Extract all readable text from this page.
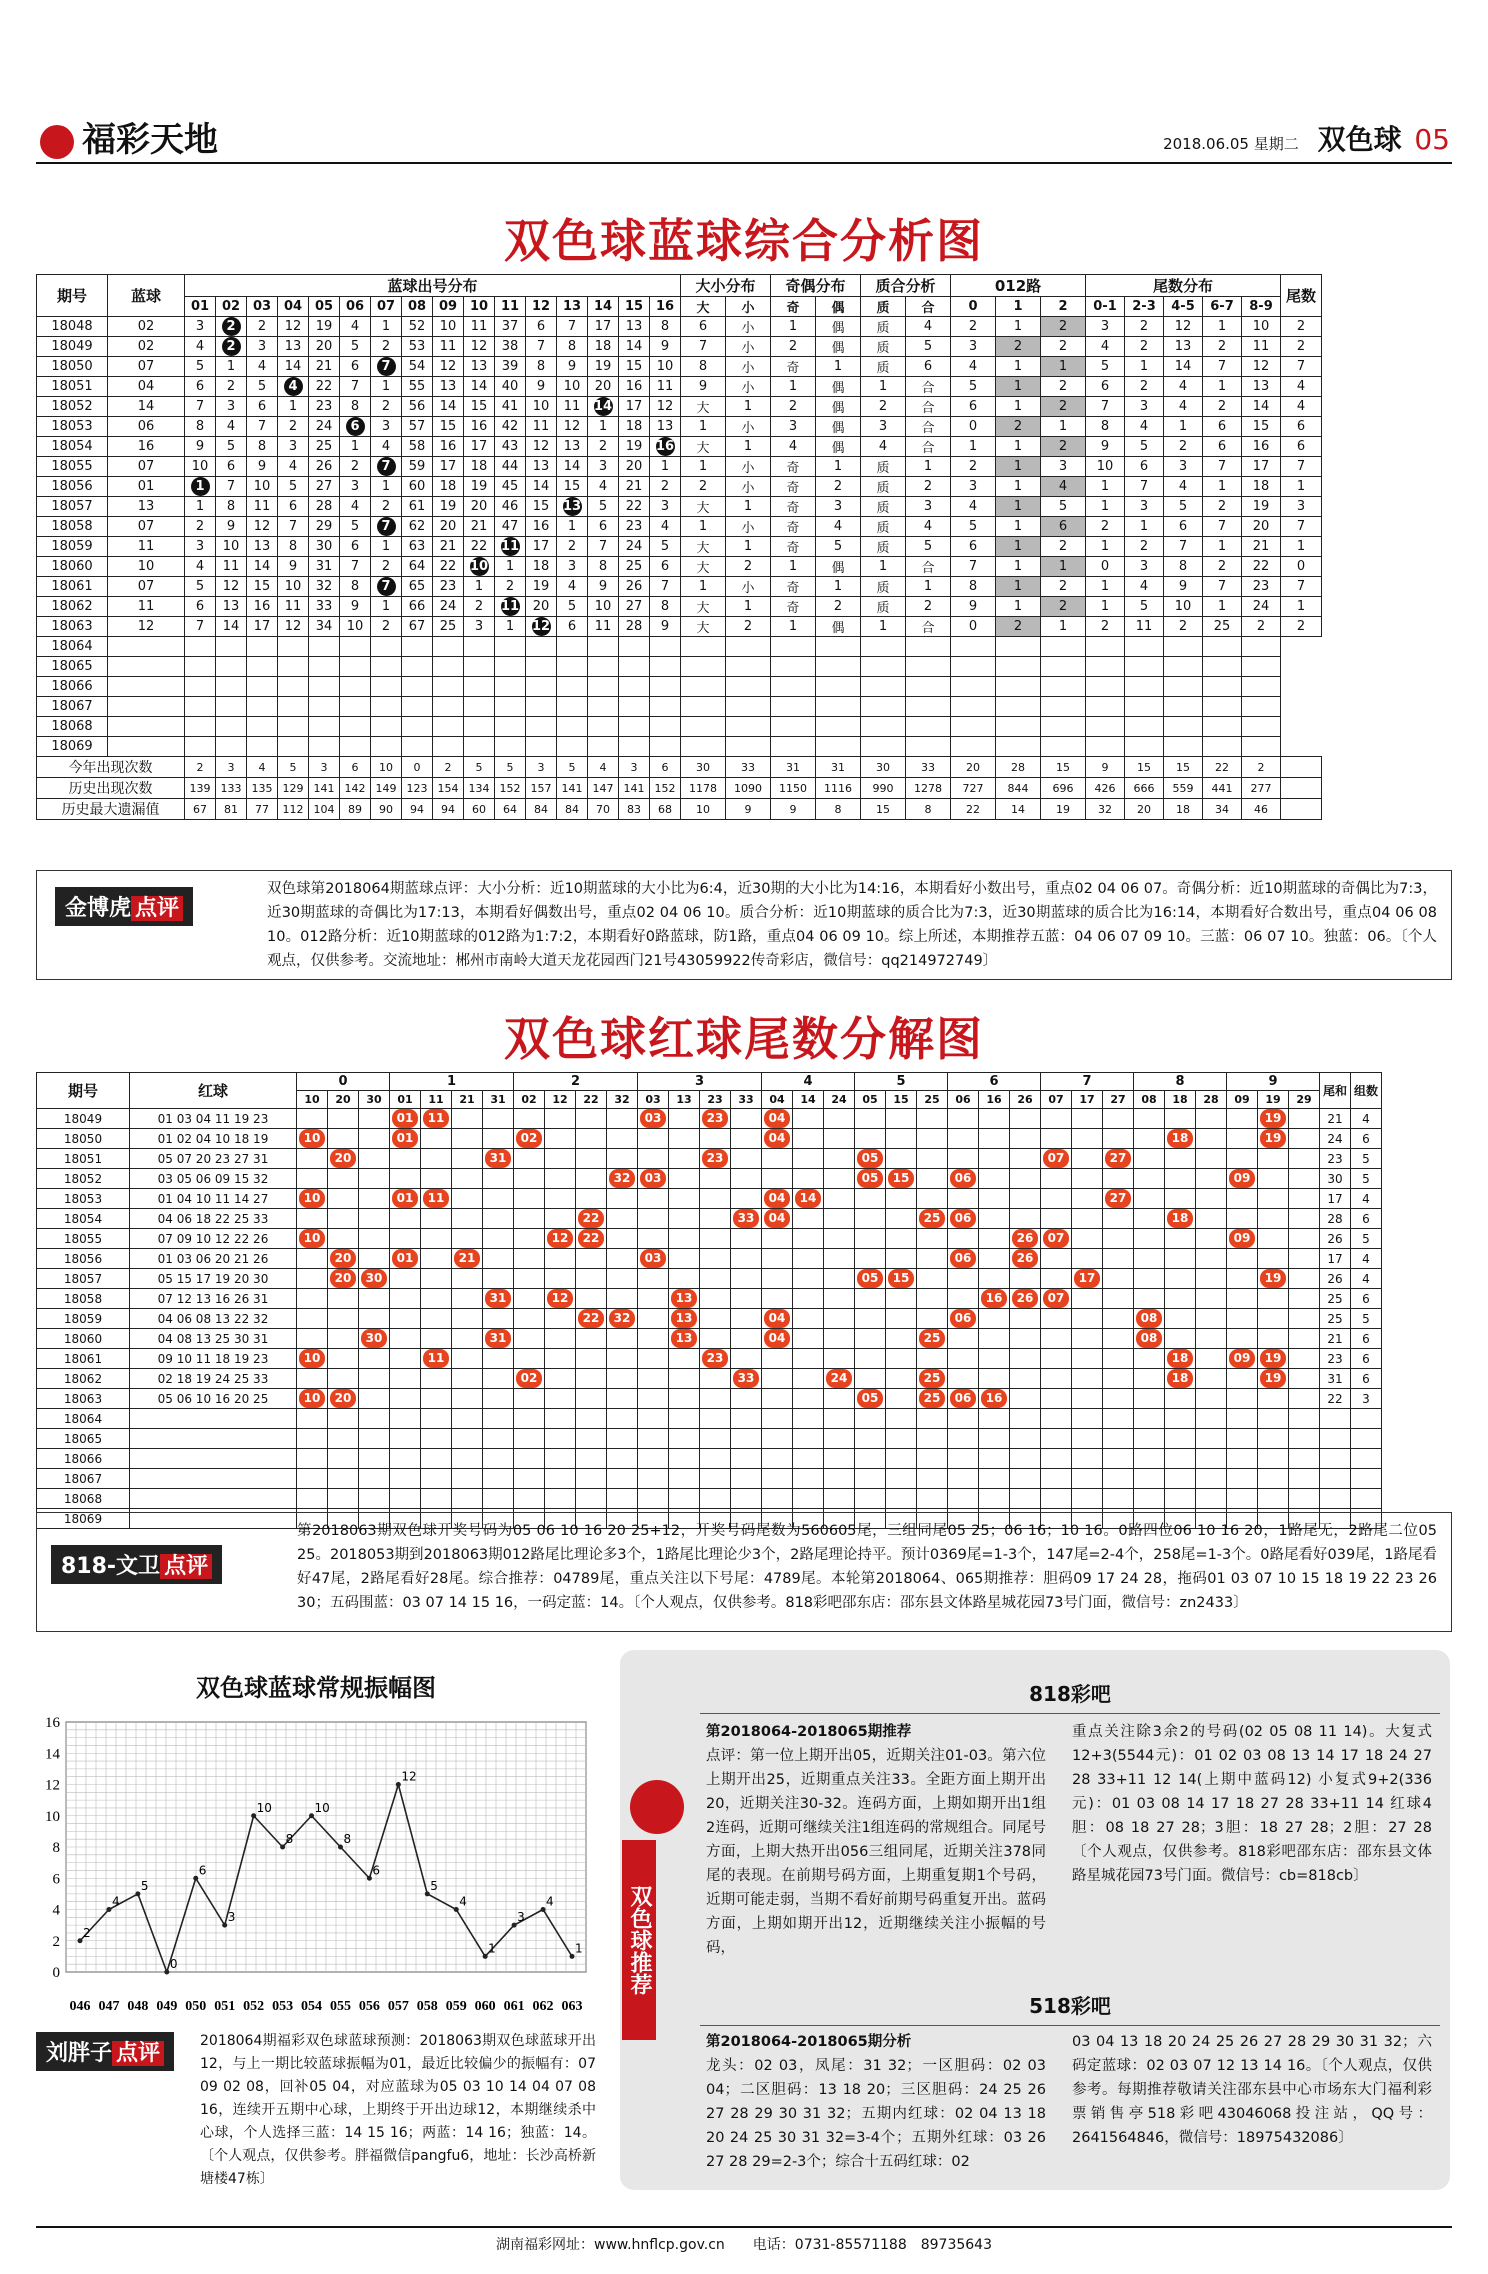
福彩天地	2018.06.05 星期二 双色球 05
双色球蓝球综合分析图
期号	蓝球	蓝球出号分布																大小分布		奇偶分布		质合分析		012路			尾数分布					尾数
		01	02	03	04	05	06	07	08	09	10	11	12	13	14	15	16	大	小	奇	偶	质	合	0	1	2	0-1	2-3	4-5	6-7	8-9	
18048	02	3	2	2	12	19	4	1	52	10	11	37	6	7	17	13	8	6	小	1	偶	质	4	2	1	2	3	2	12	1	10	2
18049	02	4	2	3	13	20	5	2	53	11	12	38	7	8	18	14	9	7	小	2	偶	质	5	3	2	2	4	2	13	2	11	2
18050	07	5	1	4	14	21	6	7	54	12	13	39	8	9	19	15	10	8	小	奇	1	质	6	4	1	1	5	1	14	7	12	7
18051	04	6	2	5	4	22	7	1	55	13	14	40	9	10	20	16	11	9	小	1	偶	1	合	5	1	2	6	2	4	1	13	4
18052	14	7	3	6	1	23	8	2	56	14	15	41	10	11	14	17	12	大	1	2	偶	2	合	6	1	2	7	3	4	2	14	4
18053	06	8	4	7	2	24	6	3	57	15	16	42	11	12	1	18	13	1	小	3	偶	3	合	0	2	1	8	4	1	6	15	6
18054	16	9	5	8	3	25	1	4	58	16	17	43	12	13	2	19	16	大	1	4	偶	4	合	1	1	2	9	5	2	6	16	6
18055	07	10	6	9	4	26	2	7	59	17	18	44	13	14	3	20	1	1	小	奇	1	质	1	2	1	3	10	6	3	7	17	7
18056	01	1	7	10	5	27	3	1	60	18	19	45	14	15	4	21	2	2	小	奇	2	质	2	3	1	4	1	7	4	1	18	1
18057	13	1	8	11	6	28	4	2	61	19	20	46	15	13	5	22	3	大	1	奇	3	质	3	4	1	5	1	3	5	2	19	3
18058	07	2	9	12	7	29	5	7	62	20	21	47	16	1	6	23	4	1	小	奇	4	质	4	5	1	6	2	1	6	7	20	7
18059	11	3	10	13	8	30	6	1	63	21	22	11	17	2	7	24	5	大	1	奇	5	质	5	6	1	2	1	2	7	1	21	1
18060	10	4	11	14	9	31	7	2	64	22	10	1	18	3	8	25	6	大	2	1	偶	1	合	7	1	1	0	3	8	2	22	0
18061	07	5	12	15	10	32	8	7	65	23	1	2	19	4	9	26	7	1	小	奇	1	质	1	8	1	2	1	4	9	7	23	7
18062	11	6	13	16	11	33	9	1	66	24	2	11	20	5	10	27	8	大	1	奇	2	质	2	9	1	2	1	5	10	1	24	1
18063	12	7	14	17	12	34	10	2	67	25	3	1	12	6	11	28	9	大	2	1	偶	1	合	0	2	1	2	11	2	25	2	2
18064																																
18065																																
18066																																
18067																																
18068																																
18069																																
今年出现次数		2	3	4	5	3	6	10	0	2	5	5	3	5	4	3	6	30	33	31	31	30	33	20	28	15	9	15	15	22	2	
历史出现次数		139	133	135	129	141	142	149	123	154	134	152	157	141	147	141	152	1178	1090	1150	1116	990	1278	727	844	696	426	666	559	441	277	
历史最大遗漏值		67	81	77	112	104	89	90	94	94	60	64	84	84	70	83	68	10	9	9	8	15	8	22	14	19	32	20	18	34	46	
金博虎 点评
双色球第2018064期蓝球点评：大小分析：近10期蓝球的大小比为6:4，近30期的大小比为14:16，本期看好小数出号，重点02 04 06 07。奇偶分析：近10期蓝球的奇偶比为7:3，近30期蓝球的奇偶比为17:13，本期看好偶数出号，重点02 04 06 10。质合分析：近10期蓝球的质合比为7:3，近30期蓝球的质合比为16:14，本期看好合数出号，重点04 06 08 10。012路分析：近10期蓝球的012路为1:7:2，本期看好0路蓝球，防1路，重点04 06 09 10。综上所述，本期推荐五蓝：04 06 07 09 10。三蓝：06 07 10。独蓝：06。〔个人观点，仅供参考。交流地址：郴州市南岭大道天龙花园西门21号43059922传奇彩店，微信号：qq214972749〕
双色球红球尾数分解图
期号	红球	0			1				2				3				4			5			6			7			8			9			尾和	组数
		10	20	30	01	11	21	31	02	12	22	32	03	13	23	33	04	14	24	05	15	25	06	16	26	07	17	27	08	18	28	09	19	29		
18049	01 03 04 11 19 23				01	11							03		23		04																19		21	4
18050	01 02 04 10 18 19	10			01				02								04													18			19		24	6
18051	05 07 20 23 27 31		20					31							23					05						07		27							23	5
18052	03 05 06 09 15 32											32	03							05	15		06									09			30	5
18053	01 04 10 11 14 27	10			01	11											04	14										27							17	4
18054	04 06 18 22 25 33										22					33	04					25	06							18					28	6
18055	07 09 10 12 22 26	10								12	22														26	07						09			26	5
18056	01 03 06 20 21 26		20		01		21						03										06		26										17	4
18057	05 15 17 19 20 30		20	30																05	15						17						19		26	4
18058	07 12 13 16 26 31							31		12				13										16	26	07									25	6
18059	04 06 08 13 22 32										22	32		13			04						06						08						25	5
18060	04 08 13 25 30 31			30				31						13			04					25							08						21	6
18061	09 10 11 18 19 23	10				11									23															18		09	19		23	6
18062	02 18 19 24 25 33								02							33			24			25								18			19		31	6
18063	05 06 10 16 20 25	10	20																	05		25	06	16											22	3
18064																																				
18065																																				
18066																																				
18067																																				
18068																																				
18069																																				
818-文卫 点评
第2018063期双色球开奖号码为05 06 10 16 20 25+12，开奖号码尾数为560605尾，三组同尾05 25；06 16；10 16。0路四位06 10 16 20，1路尾无，2路尾二位05 25。2018053期到2018063期012路尾比理论多3个，1路尾比理论少3个，2路尾理论持平。预计0369尾=1-3个，147尾=2-4个，258尾=1-3个。0路尾看好039尾，1路尾看好47尾，2路尾看好28尾。综合推荐：04789尾，重点关注以下号尾：4789尾。本轮第2018064、065期推荐：胆码09 17 24 28，拖码01 03 07 10 15 18 19 22 23 26 30；五码围蓝：03 07 14 15 16，一码定蓝：14。〔个人观点，仅供参考。818彩吧邵东店：邵东县文体路星城花园73号门面，微信号：zn2433〕
双色球蓝球常规振幅图
0
2
4
6
8
10
12
14
16
046 047 048 049 050 051 052 053 054 055 056 057 058 059 060 061 062 063
2
4
5
0
6
3
10
8
10
8
6
12
5
4
1
3
4
1
刘胖子 点评	2018064期福彩双色球蓝球预测：2018063期双色球蓝球开出12，与上一期比较蓝球振幅为01，最近比较偏少的振幅有：07 09 02 08，回补05 04，对应蓝球为05 03 10 14 04 07 08 16，连续开五期中心球，上期终于开出边球12，本期继续杀中心球，个人选择三蓝：14 15 16；两蓝：14 16；独蓝：14。〔个人观点，仅供参考。胖福微信pangfu6，地址：长沙高桥新塘楼47栋〕
双色球推荐
818彩吧
第2018064-2018065期推荐
点评：第一位上期开出05，近期关注01-03。第六位上期开出25，近期重点关注33。全距方面上期开出20，近期关注30-32。连码方面，上期如期开出1组2连码，近期可继续关注1组连码的常规组合。同尾号方面，上期大热开出056三组同尾，近期关注378同尾的表现。在前期号码方面，上期重复期1个号码，近期可能走弱，当期不看好前期号码重复开出。蓝码方面，上期如期开出12，近期继续关注小振幅的号码，
重点关注除3余2的号码(02 05 08 11 14)。大复式12+3(5544元)：01 02 03 08 13 14 17 18 24 27 28 33+11 12 14(上期中蓝码12) 小复式9+2(336元)：01 03 08 14 17 18 27 28 33+11 14 红球4胆：08 18 27 28；3胆：18 27 28；2胆：27 28 〔个人观点，仅供参考。818彩吧邵东店：邵东县文体路星城花园73号门面。微信号：cb=818cb〕
518彩吧
第2018064-2018065期分析
龙头：02 03，凤尾：31 32；一区胆码：02 03 04；二区胆码：13 18 20；三区胆码：24 25 26 27 28 29 30 31 32；五期内红球：02 04 13 18 20 24 25 30 31 32=3-4个；五期外红球：03 26 27 28 29=2-3个；综合十五码红球：02
03 04 13 18 20 24 25 26 27 28 29 30 31 32；六码定蓝球：02 03 07 12 13 14 16。〔个人观点，仅供参考。每期推荐敬请关注邵东县中心市场东大门福利彩票销售亭518彩吧43046068投注站，QQ号：2641564846，微信号：18975432086〕
湖南福彩网址：www.hnflcp.gov.cn　　电话：0731-85571188　89735643
